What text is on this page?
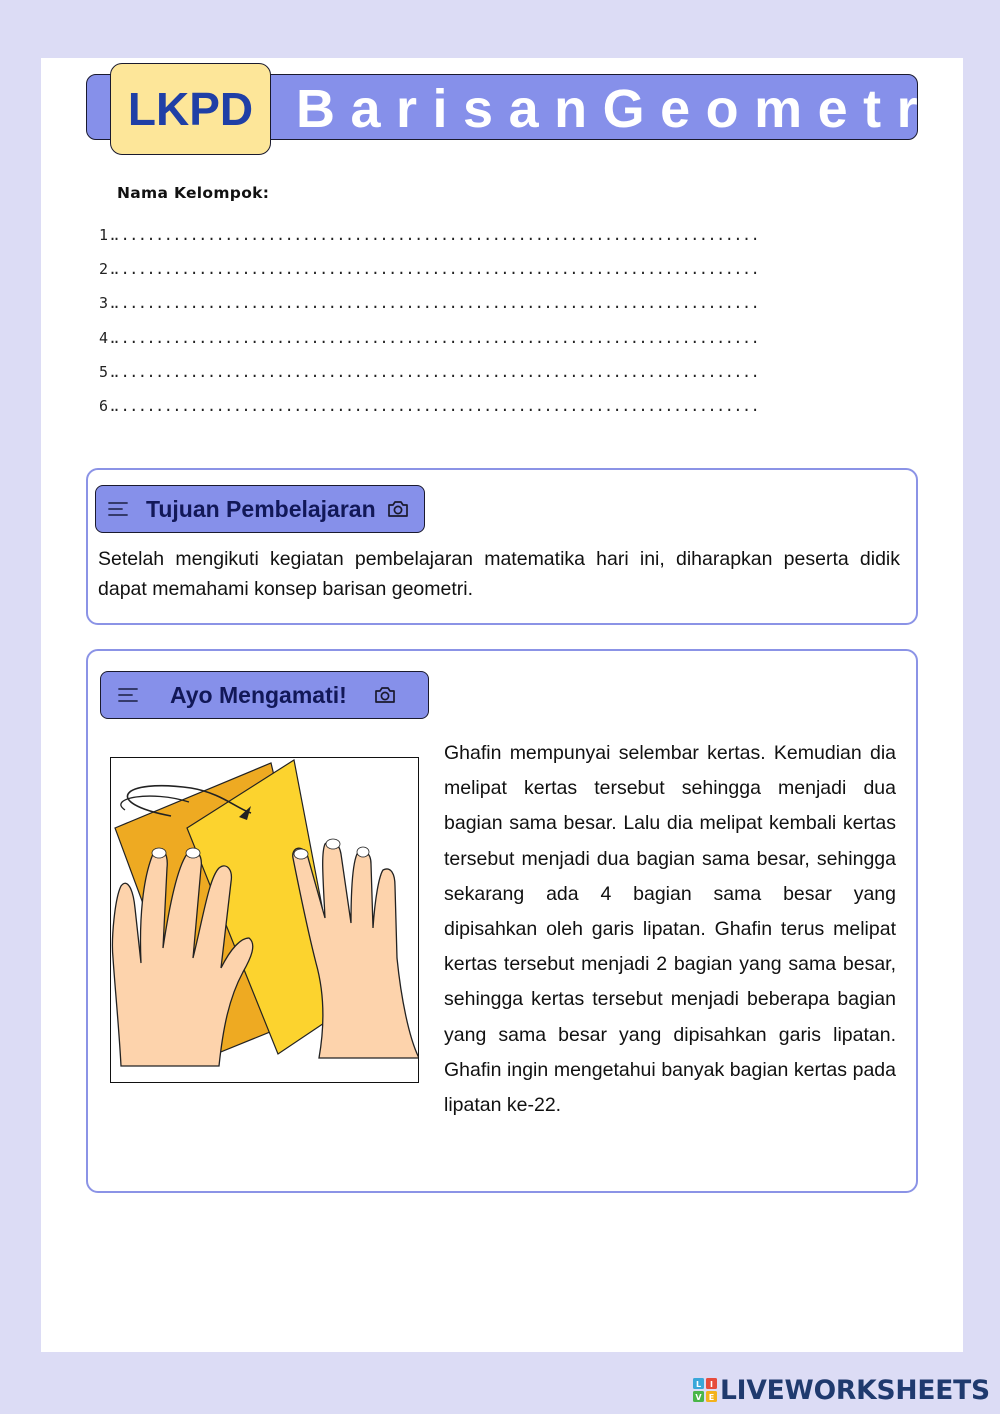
BarisanGeometri
LKPD
Nama Kelompok:
1.
...........................................................................
2.
...........................................................................
3.
...........................................................................
4.
...........................................................................
5.
...........................................................................
6.
...........................................................................
Tujuan Pembelajaran
Setelah mengikuti kegiatan pembelajaran matematika hari ini, diharapkan peserta didik dapat memahami konsep barisan geometri.
Ayo Mengamati!
Ghafin mempunyai selembar kertas. Kemudian dia melipat kertas tersebut sehingga menjadi dua bagian sama besar. Lalu dia melipat kembali kertas tersebut menjadi dua bagian sama besar, sehingga sekarang ada 4 bagian sama besar yang dipisahkan oleh garis lipatan. Ghafin terus melipat kertas tersebut menjadi 2 bagian yang sama besar, sehingga kertas tersebut menjadi beberapa bagian yang sama besar yang dipisahkan garis lipatan. Ghafin ingin mengetahui banyak bagian kertas pada lipatan ke-22.
L I
V E LIVEWORKSHEETS
